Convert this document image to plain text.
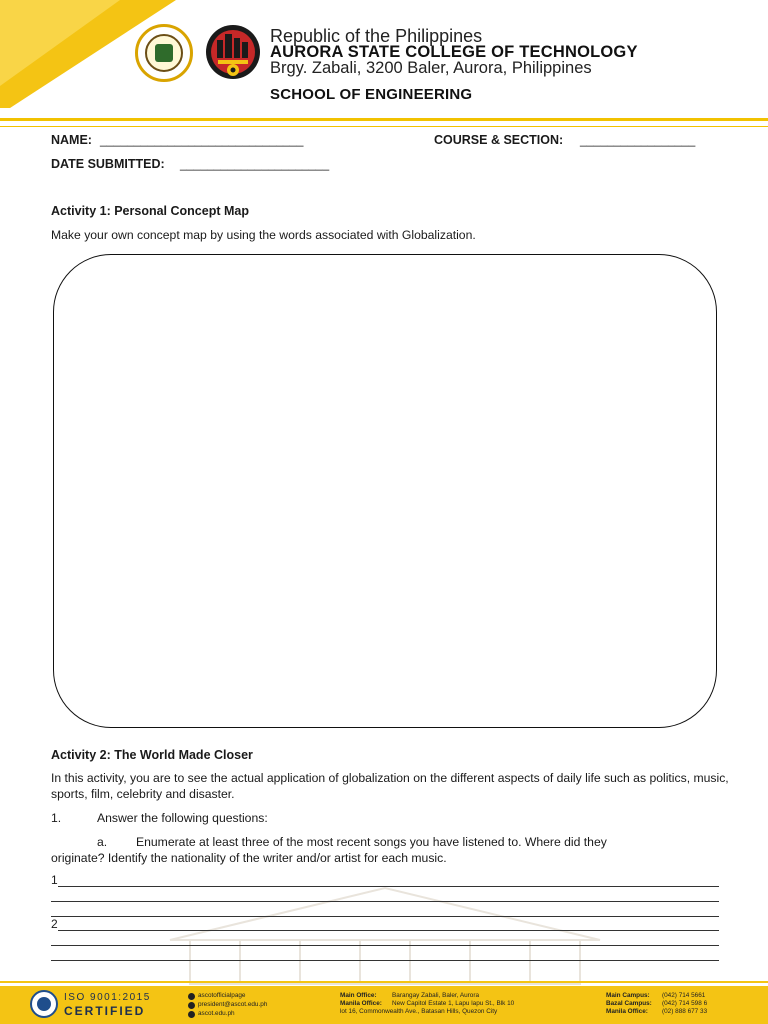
Republic of the Philippines
AURORA STATE COLLEGE OF TECHNOLOGY
Brgy. Zabali, 3200 Baler, Aurora, Philippines
SCHOOL OF ENGINEERING
NAME: ______________________________	COURSE & SECTION: _________________
DATE SUBMITTED: ______________________
Activity 1: Personal Concept Map
Make your own concept map by using the words associated with Globalization.
Activity 2: The World Made Closer
In this activity, you are to see the actual application of globalization on the different aspects of daily life such as politics, music, sports, film, celebrity and disaster.
1.	Answer the following questions:
a. Enumerate at least three of the most recent songs you have listened to. Where did they
originate? Identify the nationality of the writer and/or artist for each music.
1
2
ISO 9001:2015
CERTIFIED
ascotofficialpage
president@ascot.edu.ph
ascot.edu.ph
Main Office: Barangay Zabali, Baler, Aurora
Manila Office: New Capitol Estate 1, Lapu lapu St., Blk 10
lot 16, Commonwealth Ave., Batasan Hills, Quezon City
Main Campus: (042) 714 5661
Bazal Campus: (042) 714 598 6
Manila Office: (02) 888 677 33
